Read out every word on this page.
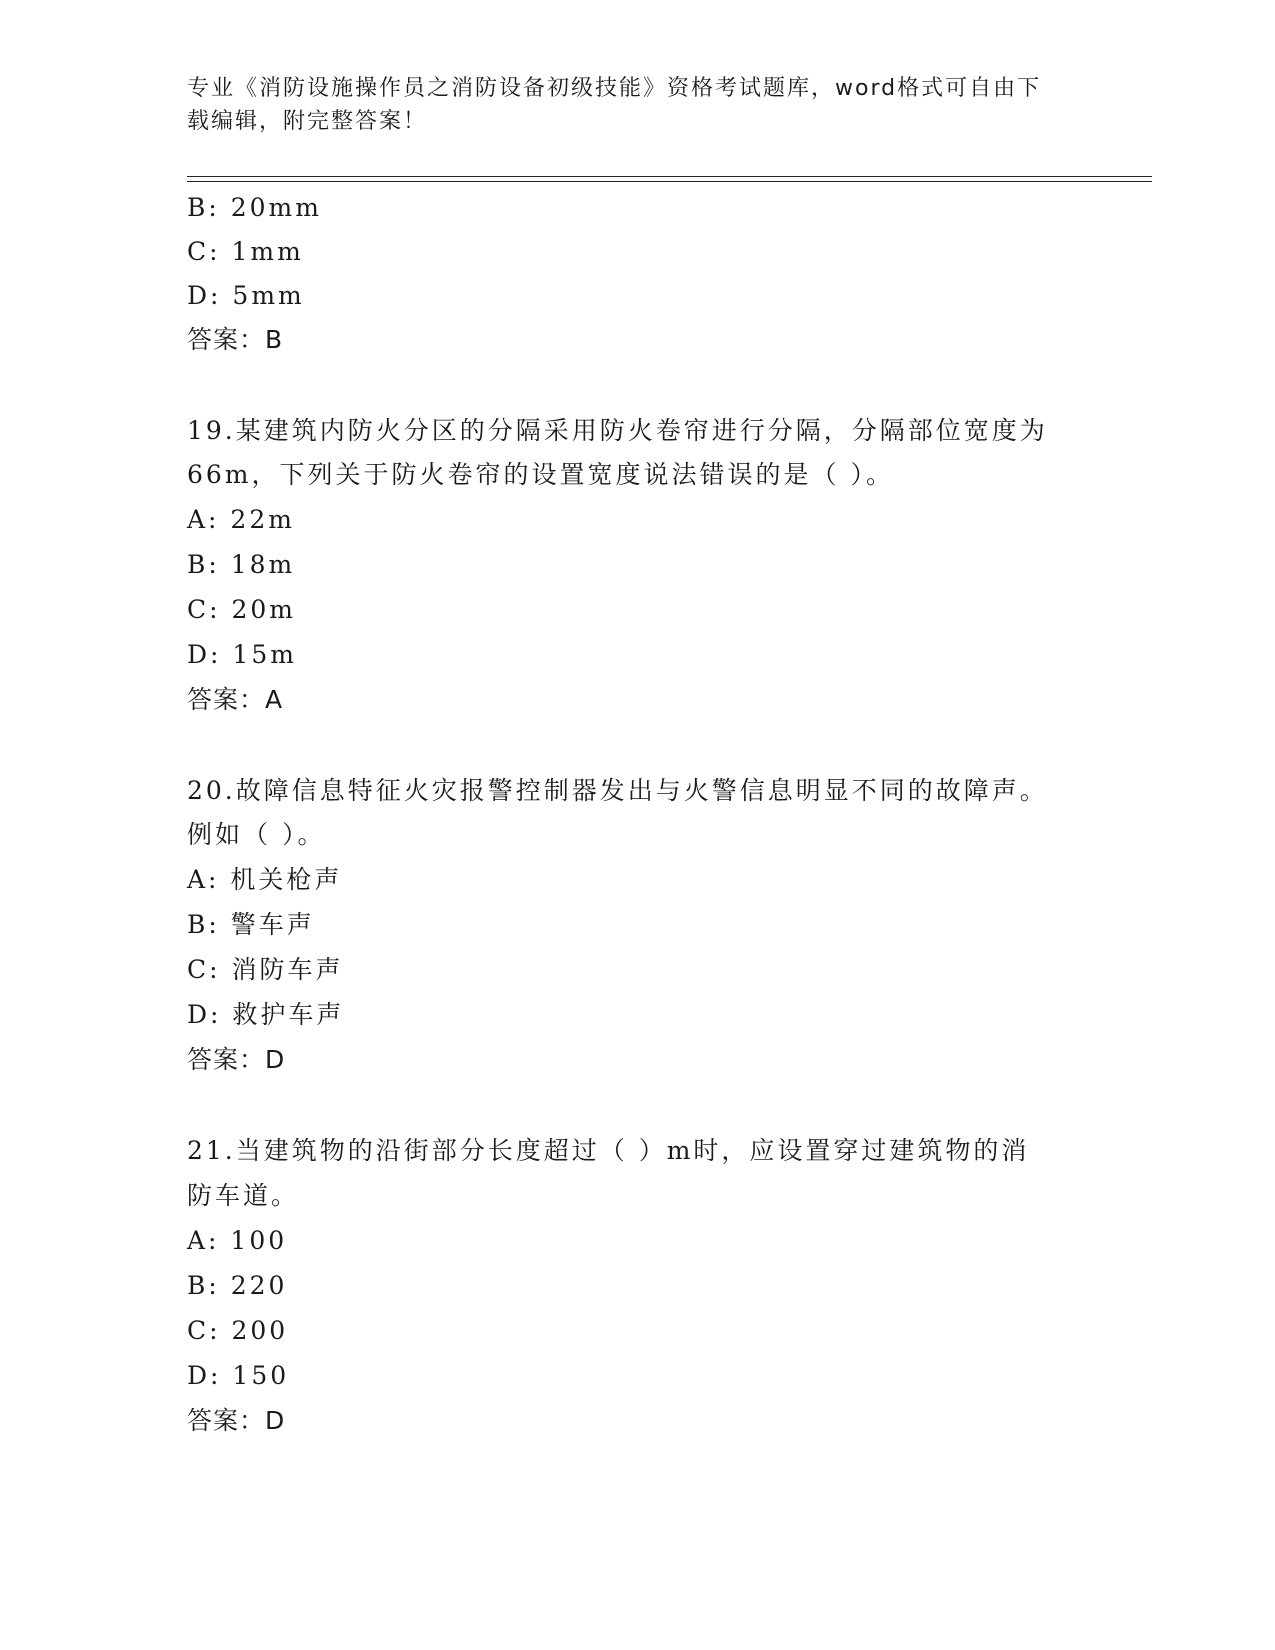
专业《消防设施操作员之消防设备初级技能》资格考试题库，word格式可自由下
载编辑，附完整答案！
B: 20mm
C: 1mm
D: 5mm
答案：B
19.某建筑内防火分区的分隔采用防火卷帘进行分隔，分隔部位宽度为
66m，下列关于防火卷帘的设置宽度说法错误的是（ ）。
A: 22m
B: 18m
C: 20m
D: 15m
答案：A
20.故障信息特征火灾报警控制器发出与火警信息明显不同的故障声。
例如（ ）。
A: 机关枪声
B: 警车声
C: 消防车声
D: 救护车声
答案：D
21.当建筑物的沿街部分长度超过（ ）m时，应设置穿过建筑物的消
防车道。
A: 100
B: 220
C: 200
D: 150
答案：D
